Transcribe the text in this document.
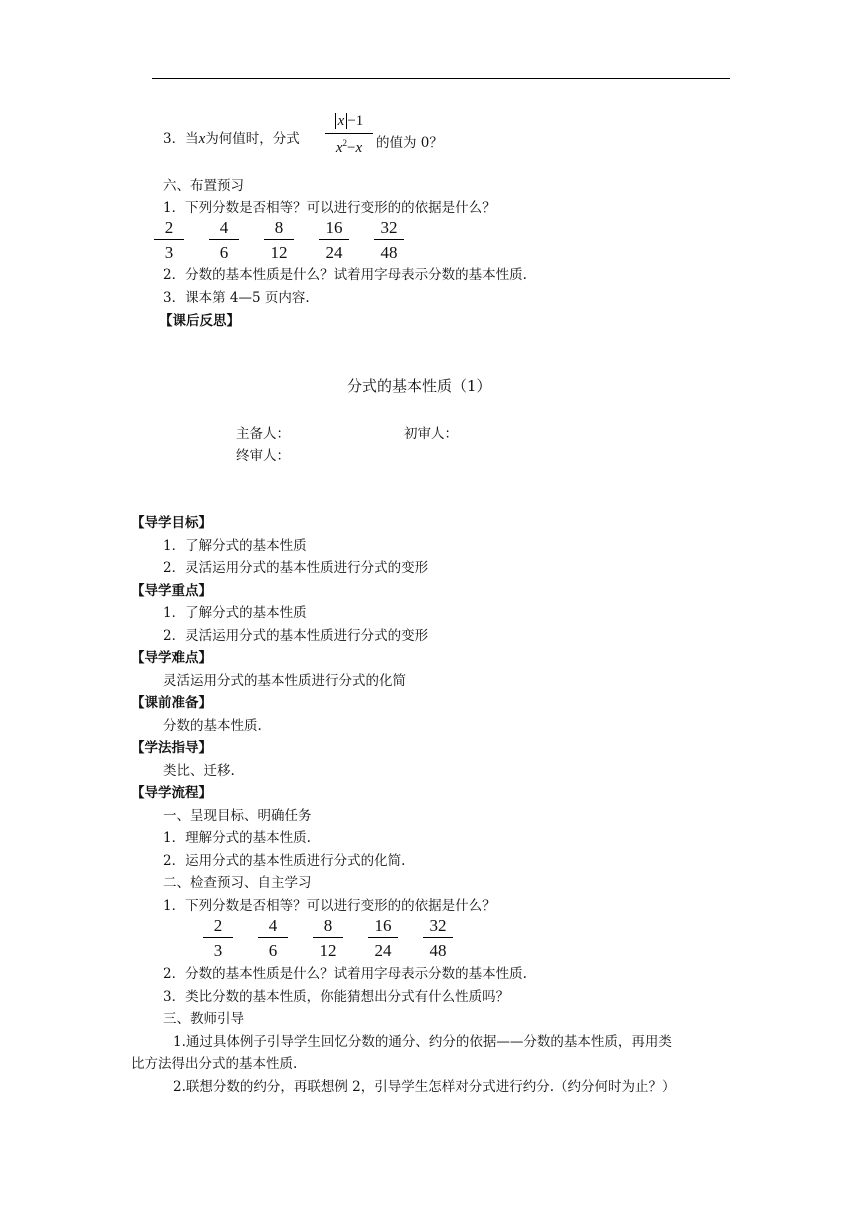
3．当x为何值时，分式
x −1
$x^2-x$	的值为 0？
六、布置预习
1．下列分数是否相等？可以进行变形的的依据是什么？
2
3
4
6
8
12
16
24
32
48
2．分数的基本性质是什么？试着用字母表示分数的基本性质.
3．课本第 4—5 页内容.
【课后反思】
分式的基本性质（1）
主备人：	初审人：
终审人：
【导学目标】
1．了解分式的基本性质
2．灵活运用分式的基本性质进行分式的变形
【导学重点】
1．了解分式的基本性质
2．灵活运用分式的基本性质进行分式的变形
【导学难点】
灵活运用分式的基本性质进行分式的化简
【课前准备】
分数的基本性质.
【学法指导】
类比、迁移.
【导学流程】
一、呈现目标、明确任务
1．理解分式的基本性质.
2．运用分式的基本性质进行分式的化简.
二、检查预习、自主学习
1．下列分数是否相等？可以进行变形的的依据是什么？
2
3
4
6
8
12
16
24
32
48
2．分数的基本性质是什么？试着用字母表示分数的基本性质.
3．类比分数的基本性质，你能猜想出分式有什么性质吗？
三、教师引导
1.通过具体例子引导学生回忆分数的通分、约分的依据——分数的基本性质，再用类
比方法得出分式的基本性质.
2.联想分数的约分，再联想例 2，引导学生怎样对分式进行约分.（约分何时为止？）
